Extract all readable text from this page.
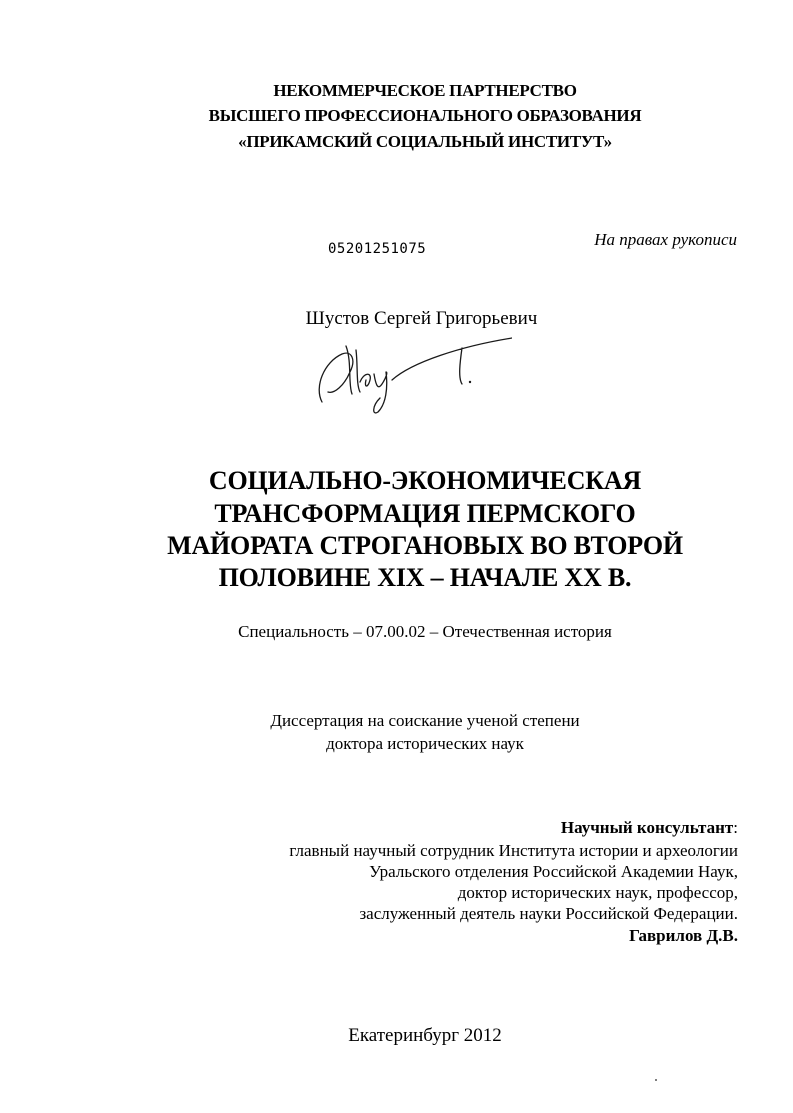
НЕКОММЕРЧЕСКОЕ ПАРТНЕРСТВО
ВЫСШЕГО ПРОФЕССИОНАЛЬНОГО ОБРАЗОВАНИЯ
«ПРИКАМСКИЙ СОЦИАЛЬНЫЙ ИНСТИТУТ»
05201251075	На правах рукописи
Шустов Сергей Григорьевич
СОЦИАЛЬНО-ЭКОНОМИЧЕСКАЯ
ТРАНСФОРМАЦИЯ ПЕРМСКОГО
МАЙОРАТА СТРОГАНОВЫХ ВО ВТОРОЙ
ПОЛОВИНЕ XIX – НАЧАЛЕ XX В.
Специальность – 07.00.02 – Отечественная история
Диссертация на соискание ученой степени
доктора исторических наук
Научный консультант:
главный научный сотрудник Института истории и археологии
Уральского отделения Российской Академии Наук,
доктор исторических наук, профессор,
заслуженный деятель науки Российской Федерации.
Гаврилов Д.В.
Екатеринбург 2012
